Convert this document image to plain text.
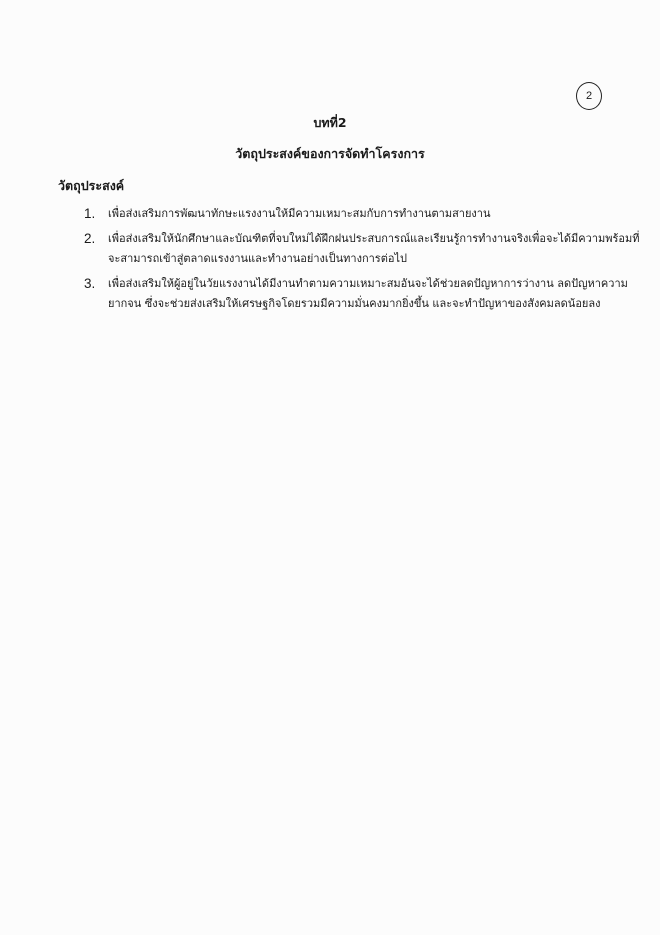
2
บทที่2
วัตถุประสงค์ของการจัดทำโครงการ
วัตถุประสงค์
1. เพื่อส่งเสริมการพัฒนาทักษะแรงงานให้มีความเหมาะสมกับการทำงานตามสายงาน
2. เพื่อส่งเสริมให้นักศึกษาและบัณฑิตที่จบใหม่ได้ฝึกฝนประสบการณ์และเรียนรู้การทำงานจริงเพื่อจะได้มีความพร้อมที่
จะสามารถเข้าสู่ตลาดแรงงานและทำงานอย่างเป็นทางการต่อไป
3. เพื่อส่งเสริมให้ผู้อยู่ในวัยแรงงานได้มีงานทำตามความเหมาะสมอันจะได้ช่วยลดปัญหาการว่างาน ลดปัญหาความ
ยากจน ซึ่งจะช่วยส่งเสริมให้เศรษฐกิจโดยรวมมีความมั่นคงมากยิ่งขึ้น และจะทำปัญหาของสังคมลดน้อยลง
